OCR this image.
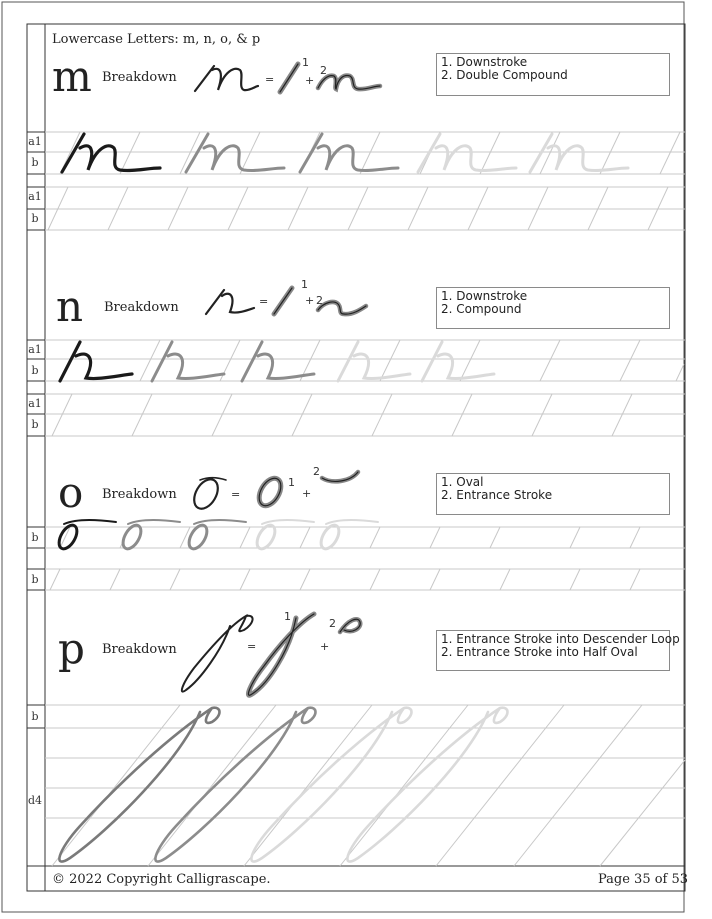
Lowercase Letters: m, n, o, & p
m Breakdown	=
1
+
2
1. Downstroke
2. Double Compound
n Breakdown	=
1
+ 2	1. Downstroke
2. Compound
o Breakdown	=
1
+
2
1. Oval
2. Entrance Stroke
p Breakdown	=
1
+
2
1. Entrance Stroke into Descender Loop
2. Entrance Stroke into Half Oval
a1
b
a1
b
a1
b
a1
b
b
b
b
d4
© 2022 Copyright Calligrascape.	Page 35 of 53
